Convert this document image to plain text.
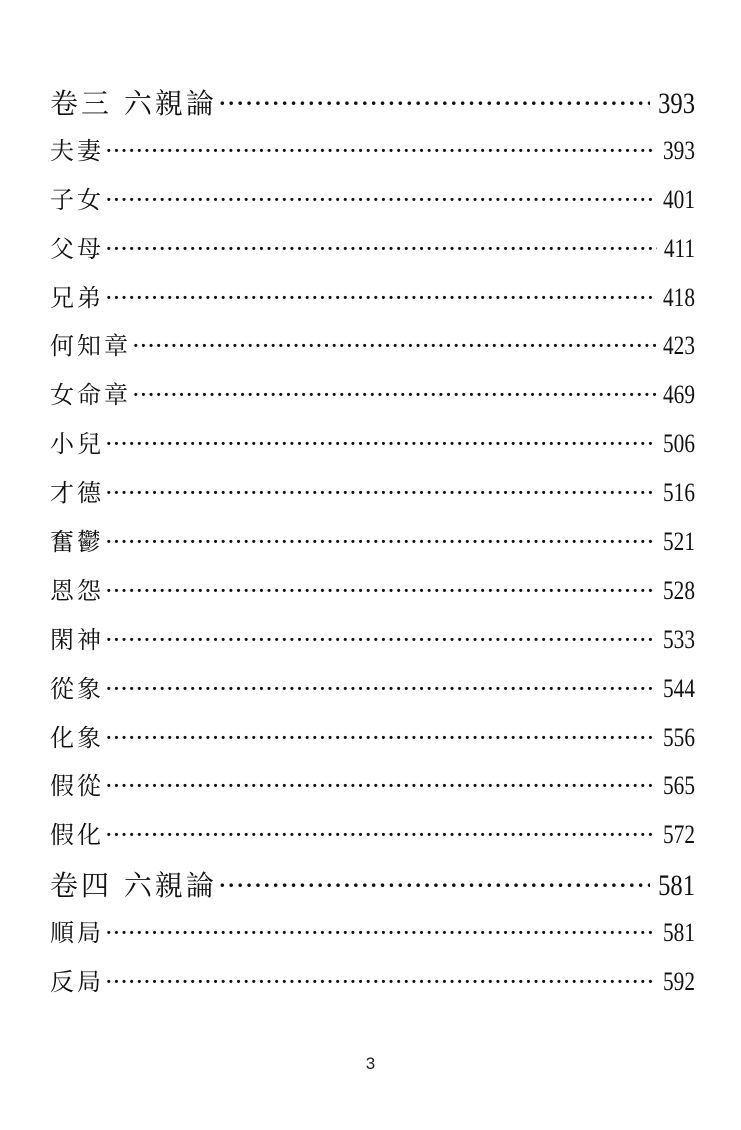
卷三 六親論 ·····	393
夫妻 ·····	393
子女 ·····	401
父母 ·····	411
兄弟 ·····	418
何知章 ·····	423
女命章 ·····	469
小兒 ·····	506
才德 ·····	516
奮鬱 ·····	521
恩怨 ·····	528
閑神 ·····	533
從象 ·····	544
化象 ·····	556
假從 ·····	565
假化 ·····	572
卷四 六親論 ·····	581
順局 ·····	581
反局 ·····	592
3
